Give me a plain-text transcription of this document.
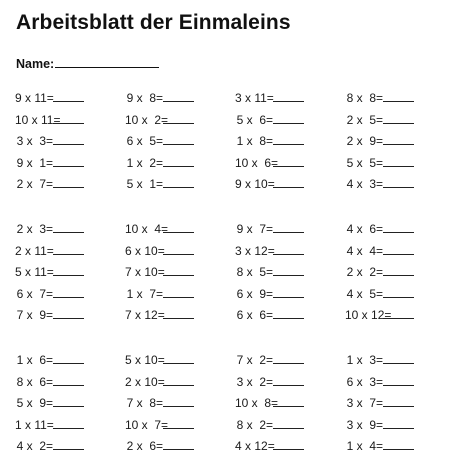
Arbeitsblatt der Einmaleins
Name:
9 x 11=	9 x  8=	3 x 11=	8 x  8=
10 x 11=	10 x  2=	5 x  6=	2 x  5=
3 x  3=	6 x  5=	1 x  8=	2 x  9=
9 x  1=	1 x  2=	10 x  6=	5 x  5=
2 x  7=	5 x  1=	9 x 10=	4 x  3=
2 x  3=	10 x  4=	9 x  7=	4 x  6=
2 x 11=	6 x 10=	3 x 12=	4 x  4=
5 x 11=	7 x 10=	8 x  5=	2 x  2=
6 x  7=	1 x  7=	6 x  9=	4 x  5=
7 x  9=	7 x 12=	6 x  6=	10 x 12=
1 x  6=	5 x 10=	7 x  2=	1 x  3=
8 x  6=	2 x 10=	3 x  2=	6 x  3=
5 x  9=	7 x  8=	10 x  8=	3 x  7=
1 x 11=	10 x  7=	8 x  2=	3 x  9=
4 x  2=	2 x  6=	4 x 12=	1 x  4=
